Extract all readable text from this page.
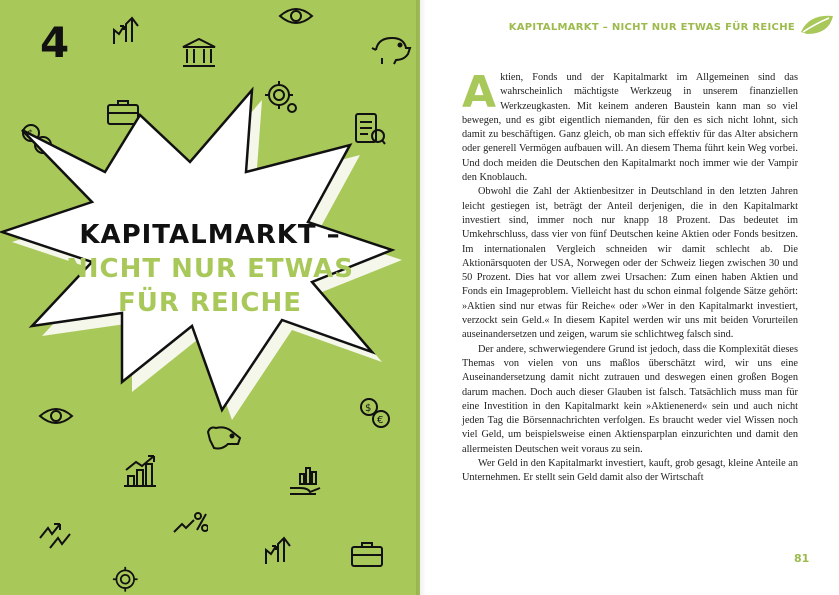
4
KAPITALMARKT –
NICHT NUR ETWAS
FÜR REICHE
$
€
KAPITALMARKT – NICHT NUR ETWAS FÜR REICHE

Aktien, Fonds und der Kapitalmarkt im Allgemeinen sind das wahrscheinlich mächtigste Werkzeug in unserem finanziellen Werkzeugkasten. Mit keinem anderen Baustein kann man so viel bewegen, und es gibt eigentlich niemanden, für den es sich nicht lohnt, sich damit zu beschäftigen. Ganz gleich, ob man sich effektiv für das Alter absichern oder generell Vermögen aufbauen will. An diesem Thema führt kein Weg vorbei. Und doch meiden die Deutschen den Kapitalmarkt noch immer wie der Vampir den Knoblauch.

Obwohl die Zahl der Aktienbesitzer in Deutschland in den letzten Jahren leicht gestiegen ist, beträgt der Anteil derjenigen, die in den Kapitalmarkt investiert sind, immer noch nur knapp 18 Prozent. Das bedeutet im Umkehrschluss, dass vier von fünf Deutschen keine Aktien oder Fonds besitzen. Im internationalen Vergleich schneiden wir damit schlecht ab. Die Aktionärsquoten der USA, Norwegen oder der Schweiz liegen zwischen 30 und 50 Prozent. Dies hat vor allem zwei Ursachen: Zum einen haben Aktien und Fonds ein Imageproblem. Vielleicht hast du schon einmal folgende Sätze gehört: »Aktien sind nur etwas für Reiche« oder »Wer in den Kapitalmarkt investiert, verzockt sein Geld.« In diesem Kapitel werden wir uns mit beiden Vorurteilen auseinandersetzen und zeigen, warum sie schlichtweg falsch sind.

Der andere, schwerwiegendere Grund ist jedoch, dass die Komplexität dieses Themas von vielen von uns maßlos überschätzt wird, wir uns eine Auseinandersetzung damit nicht zutrauen und deswegen einen großen Bogen darum machen. Doch auch dieser Glauben ist falsch. Tatsächlich muss man für eine Investition in den Kapitalmarkt kein »Aktienenerd« sein und auch nicht jeden Tag die Börsennachrichten verfolgen. Es braucht weder viel Wissen noch viel Geld, um beispielsweise einen Aktiensparplan einzurichten und damit den allermeisten Deutschen weit voraus zu sein.

Wer Geld in den Kapitalmarkt investiert, kauft, grob gesagt, kleine Anteile an Unternehmen. Er stellt sein Geld damit also der Wirtschaft

81
